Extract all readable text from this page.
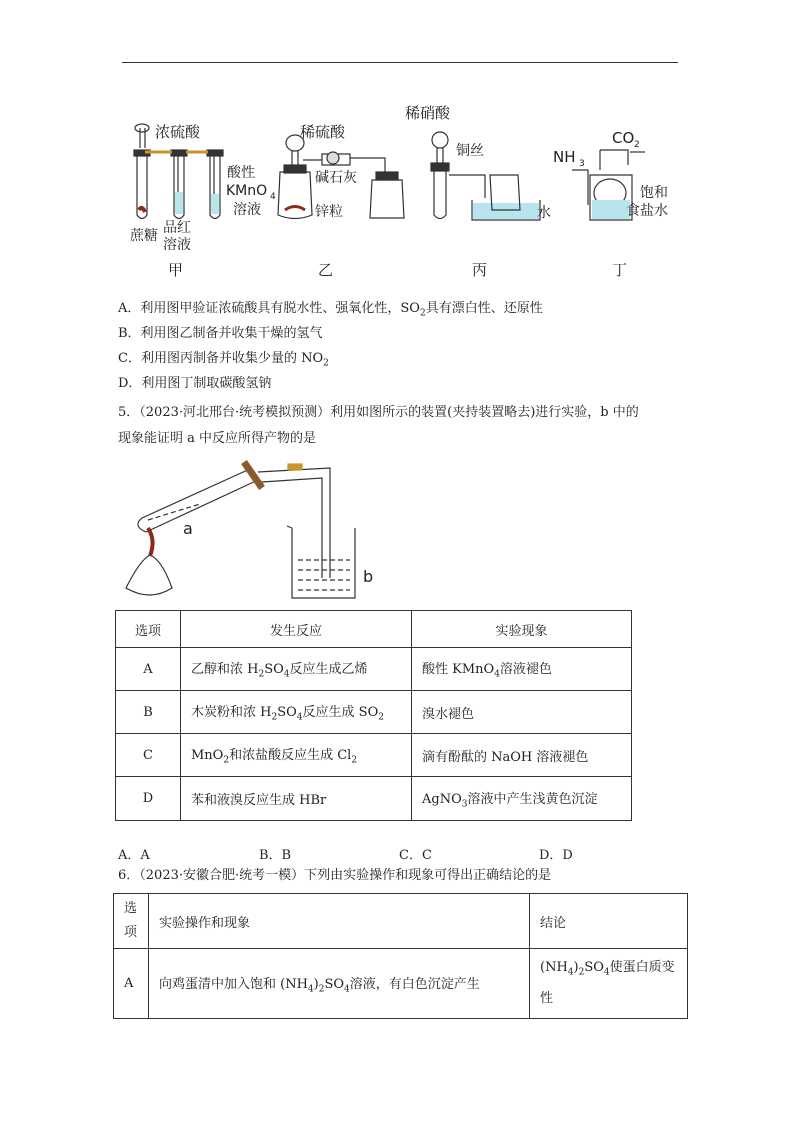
浓硫酸
酸性
KMnO 4
溶液
蔗糖 品红
溶液
甲
稀硫酸
碱石灰
锌粒
乙
稀硝酸
铜丝
水
丙
NH 3
CO 2
饱和
食盐水
丁
A．利用图甲验证浓硫酸具有脱水性、强氧化性，$SO_2$具有漂白性、还原性
B．利用图乙制备并收集干燥的氢气
C．利用图丙制备并收集少量的 $NO_2$
D．利用图丁制取碳酸氢钠
5．（2023·河北邢台·统考模拟预测）利用如图所示的装置(夹持装置略去)进行实验，b 中的
现象能证明 a 中反应所得产物的是
a
b
选项	发生反应	实验现象
A	乙醇和浓 $H_2SO_4$反应生成乙烯	酸性 KMnO$_4$溶液褪色
B	木炭粉和浓 $H_2SO_4$反应生成 $SO_2$	溴水褪色
C	MnO$_2$和浓盐酸反应生成 $Cl_2$	滴有酚酞的 NaOH 溶液褪色
D	苯和液溴反应生成 HBr	AgNO$_3$溶液中产生浅黄色沉淀
A．A	B．B	C．C	D．D
6．（2023·安徽合肥·统考一模）下列由实验操作和现象可得出正确结论的是
选
项	实验操作和现象	结论
A	向鸡蛋清中加入饱和 $(NH_4)_2SO_4$溶液，有白色沉淀产生	$(NH_4)_2SO_4$使蛋白质变
性
